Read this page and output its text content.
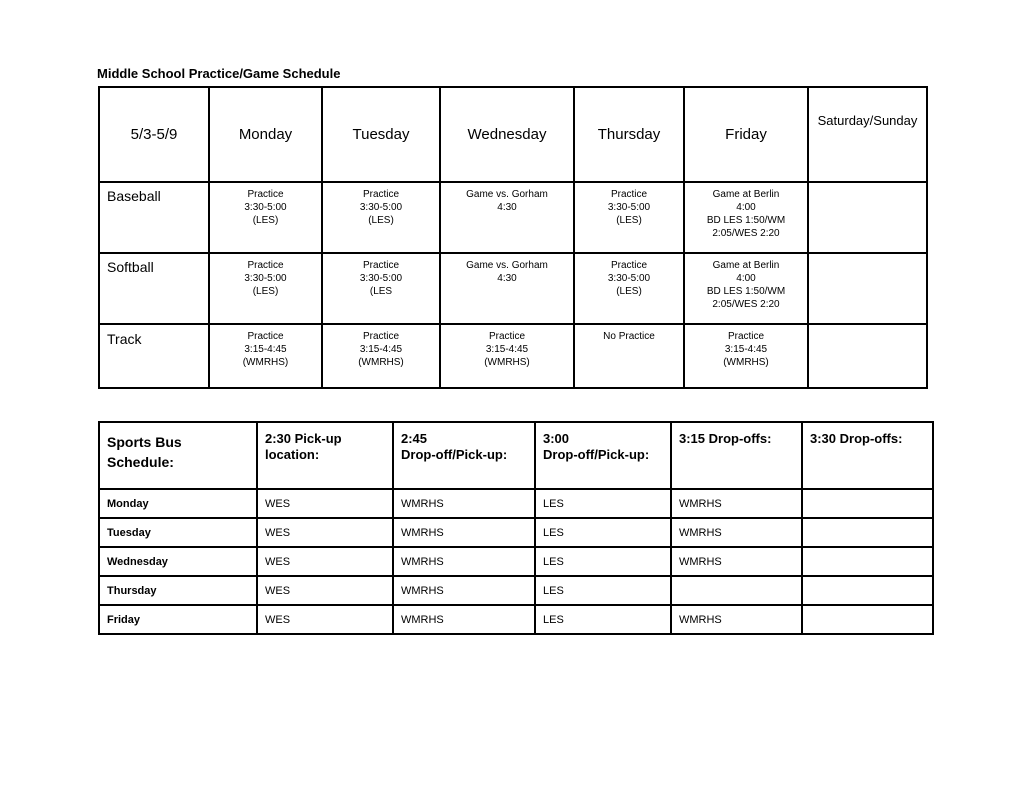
Middle School Practice/Game Schedule
5/3-5/9	Monday	Tuesday	Wednesday	Thursday	Friday	Saturday/Sunday
Baseball	Practice
3:30-5:00
(LES)	Practice
3:30-5:00
(LES)	Game vs. Gorham
4:30	Practice
3:30-5:00
(LES)	Game at Berlin
4:00
BD LES 1:50/WM
2:05/WES 2:20	

Softball	Practice
3:30-5:00
(LES)	Practice
3:30-5:00
(LES	Game vs. Gorham
4:30	Practice
3:30-5:00
(LES)	Game at Berlin
4:00
BD LES 1:50/WM
2:05/WES 2:20	

Track	Practice
3:15-4:45
(WMRHS)	Practice
3:15-4:45
(WMRHS)	Practice
3:15-4:45
(WMRHS)	No Practice	Practice
3:15-4:45
(WMRHS)	

Sports Bus
Schedule:	2:30 Pick-up
location:	2:45
Drop-off/Pick-up:	3:00
Drop-off/Pick-up:	3:15 Drop-offs:	3:30 Drop-offs:

Monday	WES	WMRHS	LES	WMRHS	
Tuesday	WES	WMRHS	LES	WMRHS	
Wednesday	WES	WMRHS	LES	WMRHS	
Thursday	WES	WMRHS	LES		
Friday	WES	WMRHS	LES	WMRHS	
